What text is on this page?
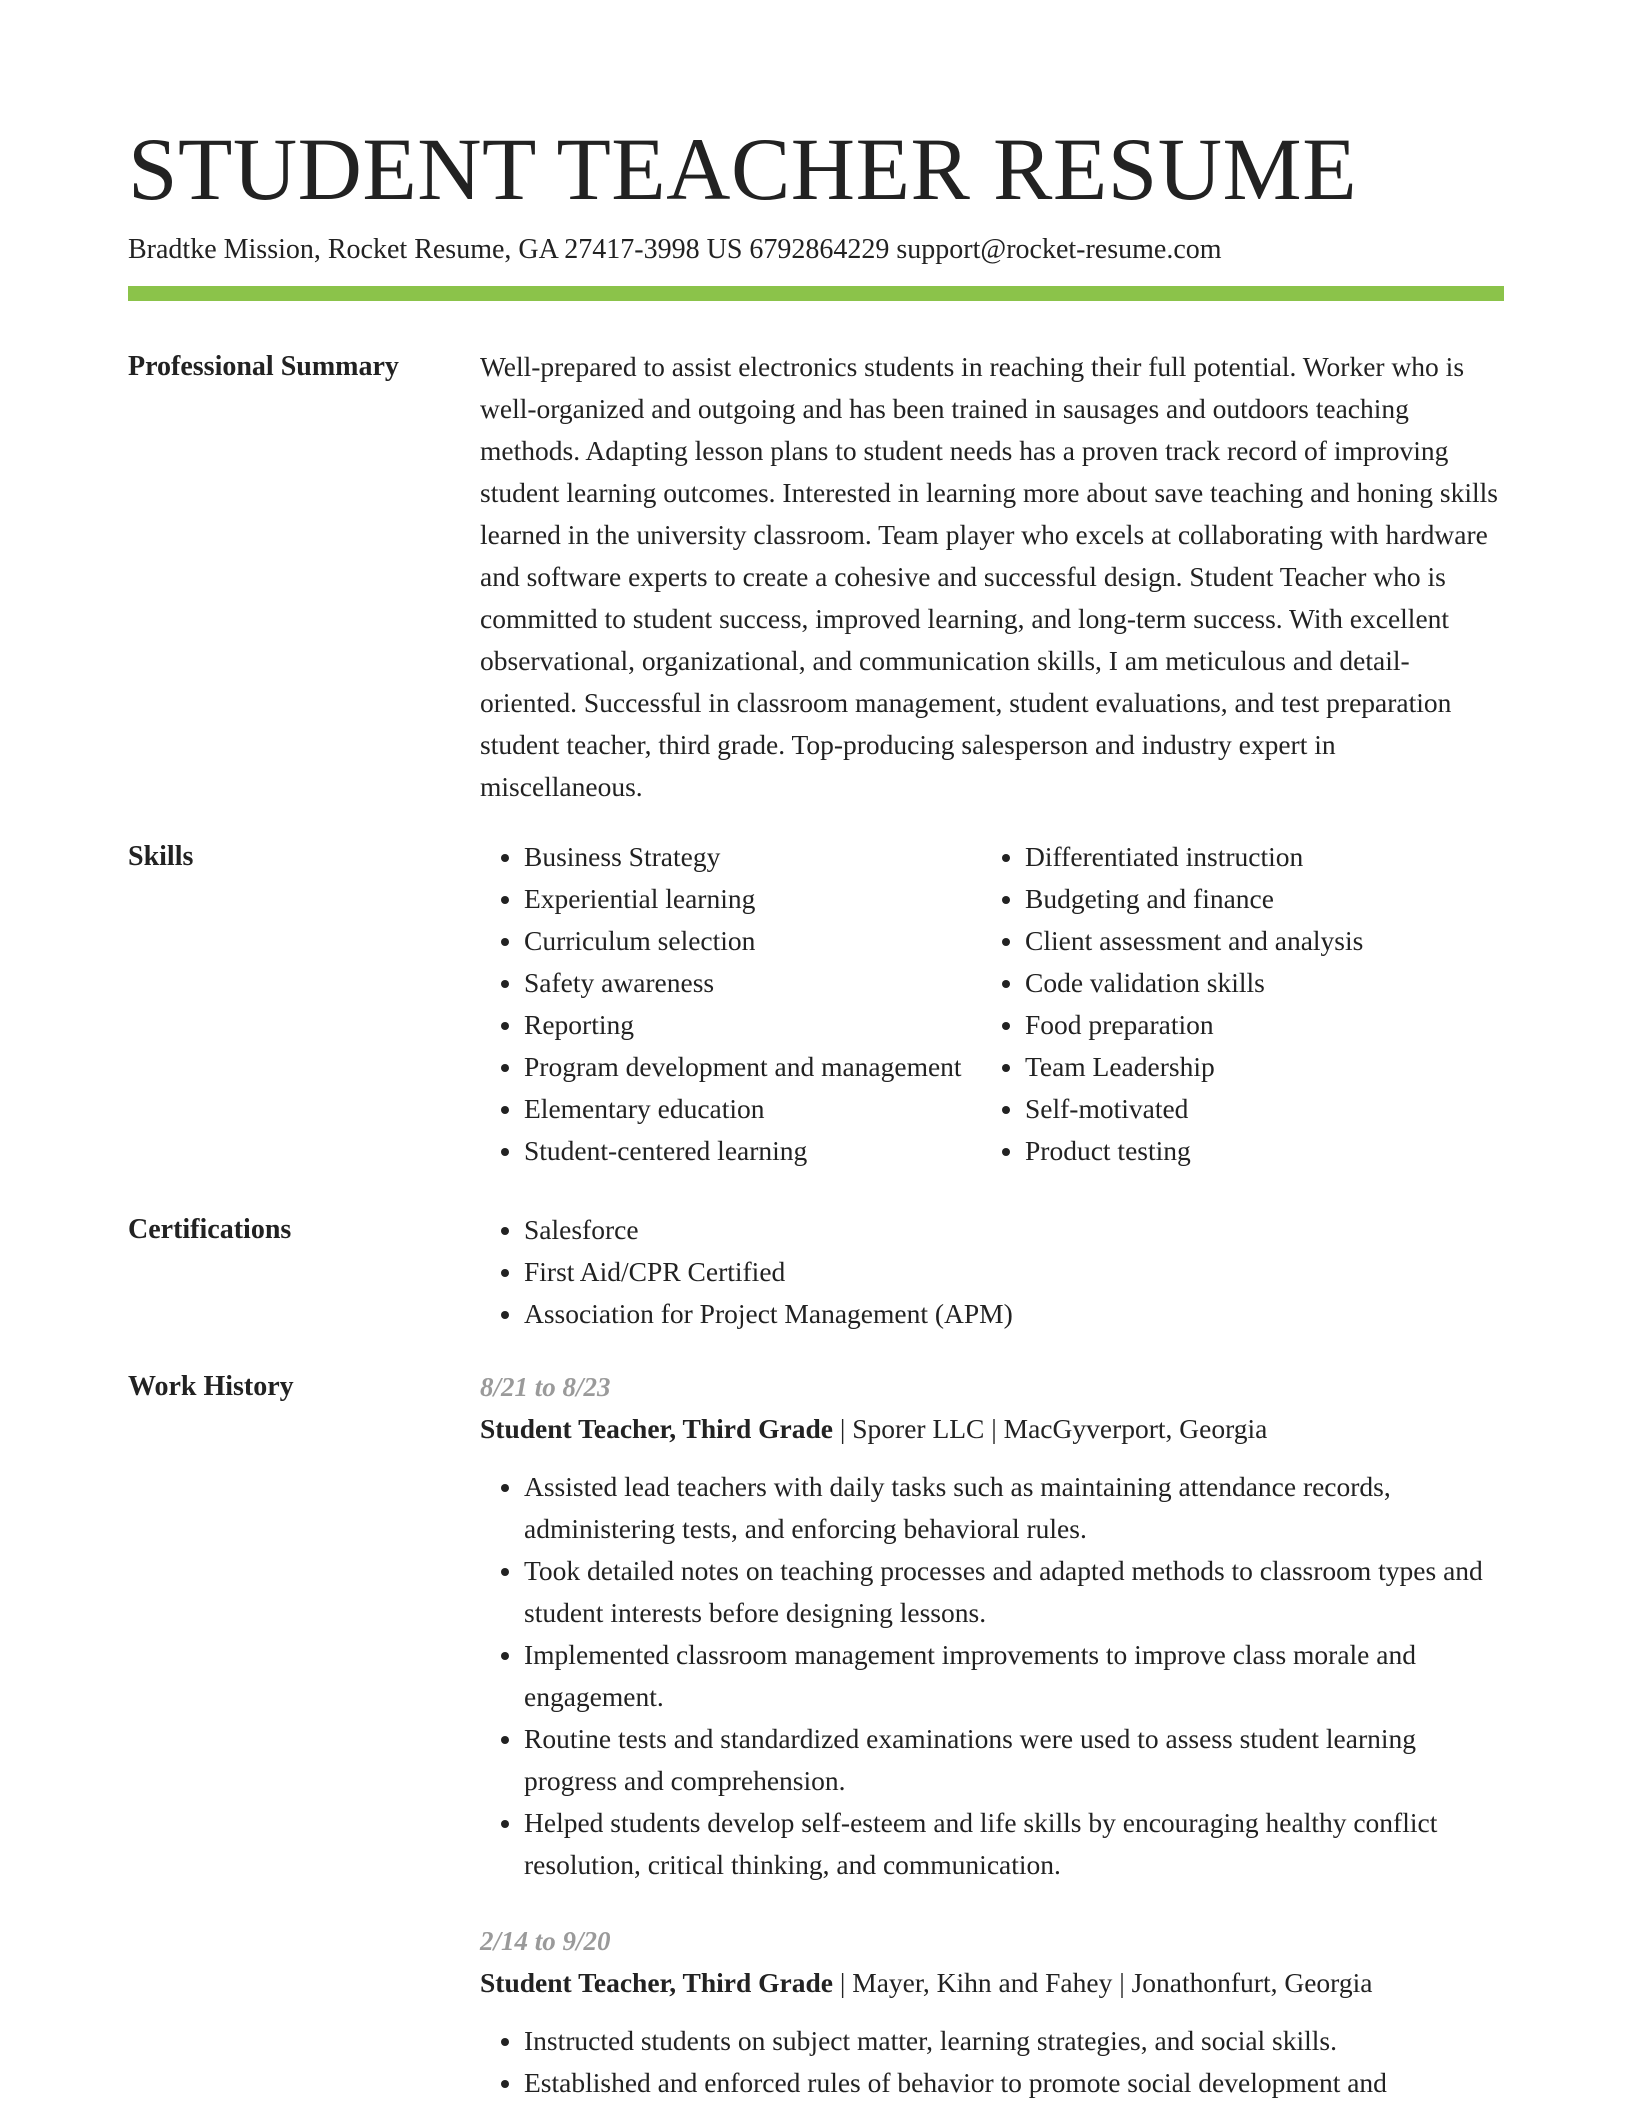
STUDENT TEACHER RESUME
Bradtke Mission, Rocket Resume, GA 27417-3998 US 6792864229 support@rocket-resume.com
Professional Summary	Well-prepared to assist electronics students in reaching their full potential. Worker who is well-organized and outgoing and has been trained in sausages and outdoors teaching methods. Adapting lesson plans to student needs has a proven track record of improving student learning outcomes. Interested in learning more about save teaching and honing skills learned in the university classroom. Team player who excels at collaborating with hardware and software experts to create a cohesive and successful design. Student Teacher who is committed to student success, improved learning, and long-term success. With excellent observational, organizational, and communication skills, I am meticulous and detail-oriented. Successful in classroom management, student evaluations, and test preparation student teacher, third grade. Top-producing salesperson and industry expert in miscellaneous.

Skills	• Business Strategy
• Experiential learning
• Curriculum selection
• Safety awareness
• Reporting
• Program development and management
• Elementary education
• Student-centered learning
• Differentiated instruction
• Budgeting and finance
• Client assessment and analysis
• Code validation skills
• Food preparation
• Team Leadership
• Self-motivated
• Product testing
Certifications	• Salesforce
• First Aid/CPR Certified
• Association for Project Management (APM)
Work History	8/21 to 8/23
Student Teacher, Third Grade | Sporer LLC | MacGyverport, Georgia
• Assisted lead teachers with daily tasks such as maintaining attendance records, administering tests, and enforcing behavioral rules.
• Took detailed notes on teaching processes and adapted methods to classroom types and student interests before designing lessons.
• Implemented classroom management improvements to improve class morale and engagement.
• Routine tests and standardized examinations were used to assess student learning progress and comprehension.
• Helped students develop self-esteem and life skills by encouraging healthy conflict resolution, critical thinking, and communication.
2/14 to 9/20
Student Teacher, Third Grade | Mayer, Kihn and Fahey | Jonathonfurt, Georgia
• Instructed students on subject matter, learning strategies, and social skills.
• Established and enforced rules of behavior to promote social development and
